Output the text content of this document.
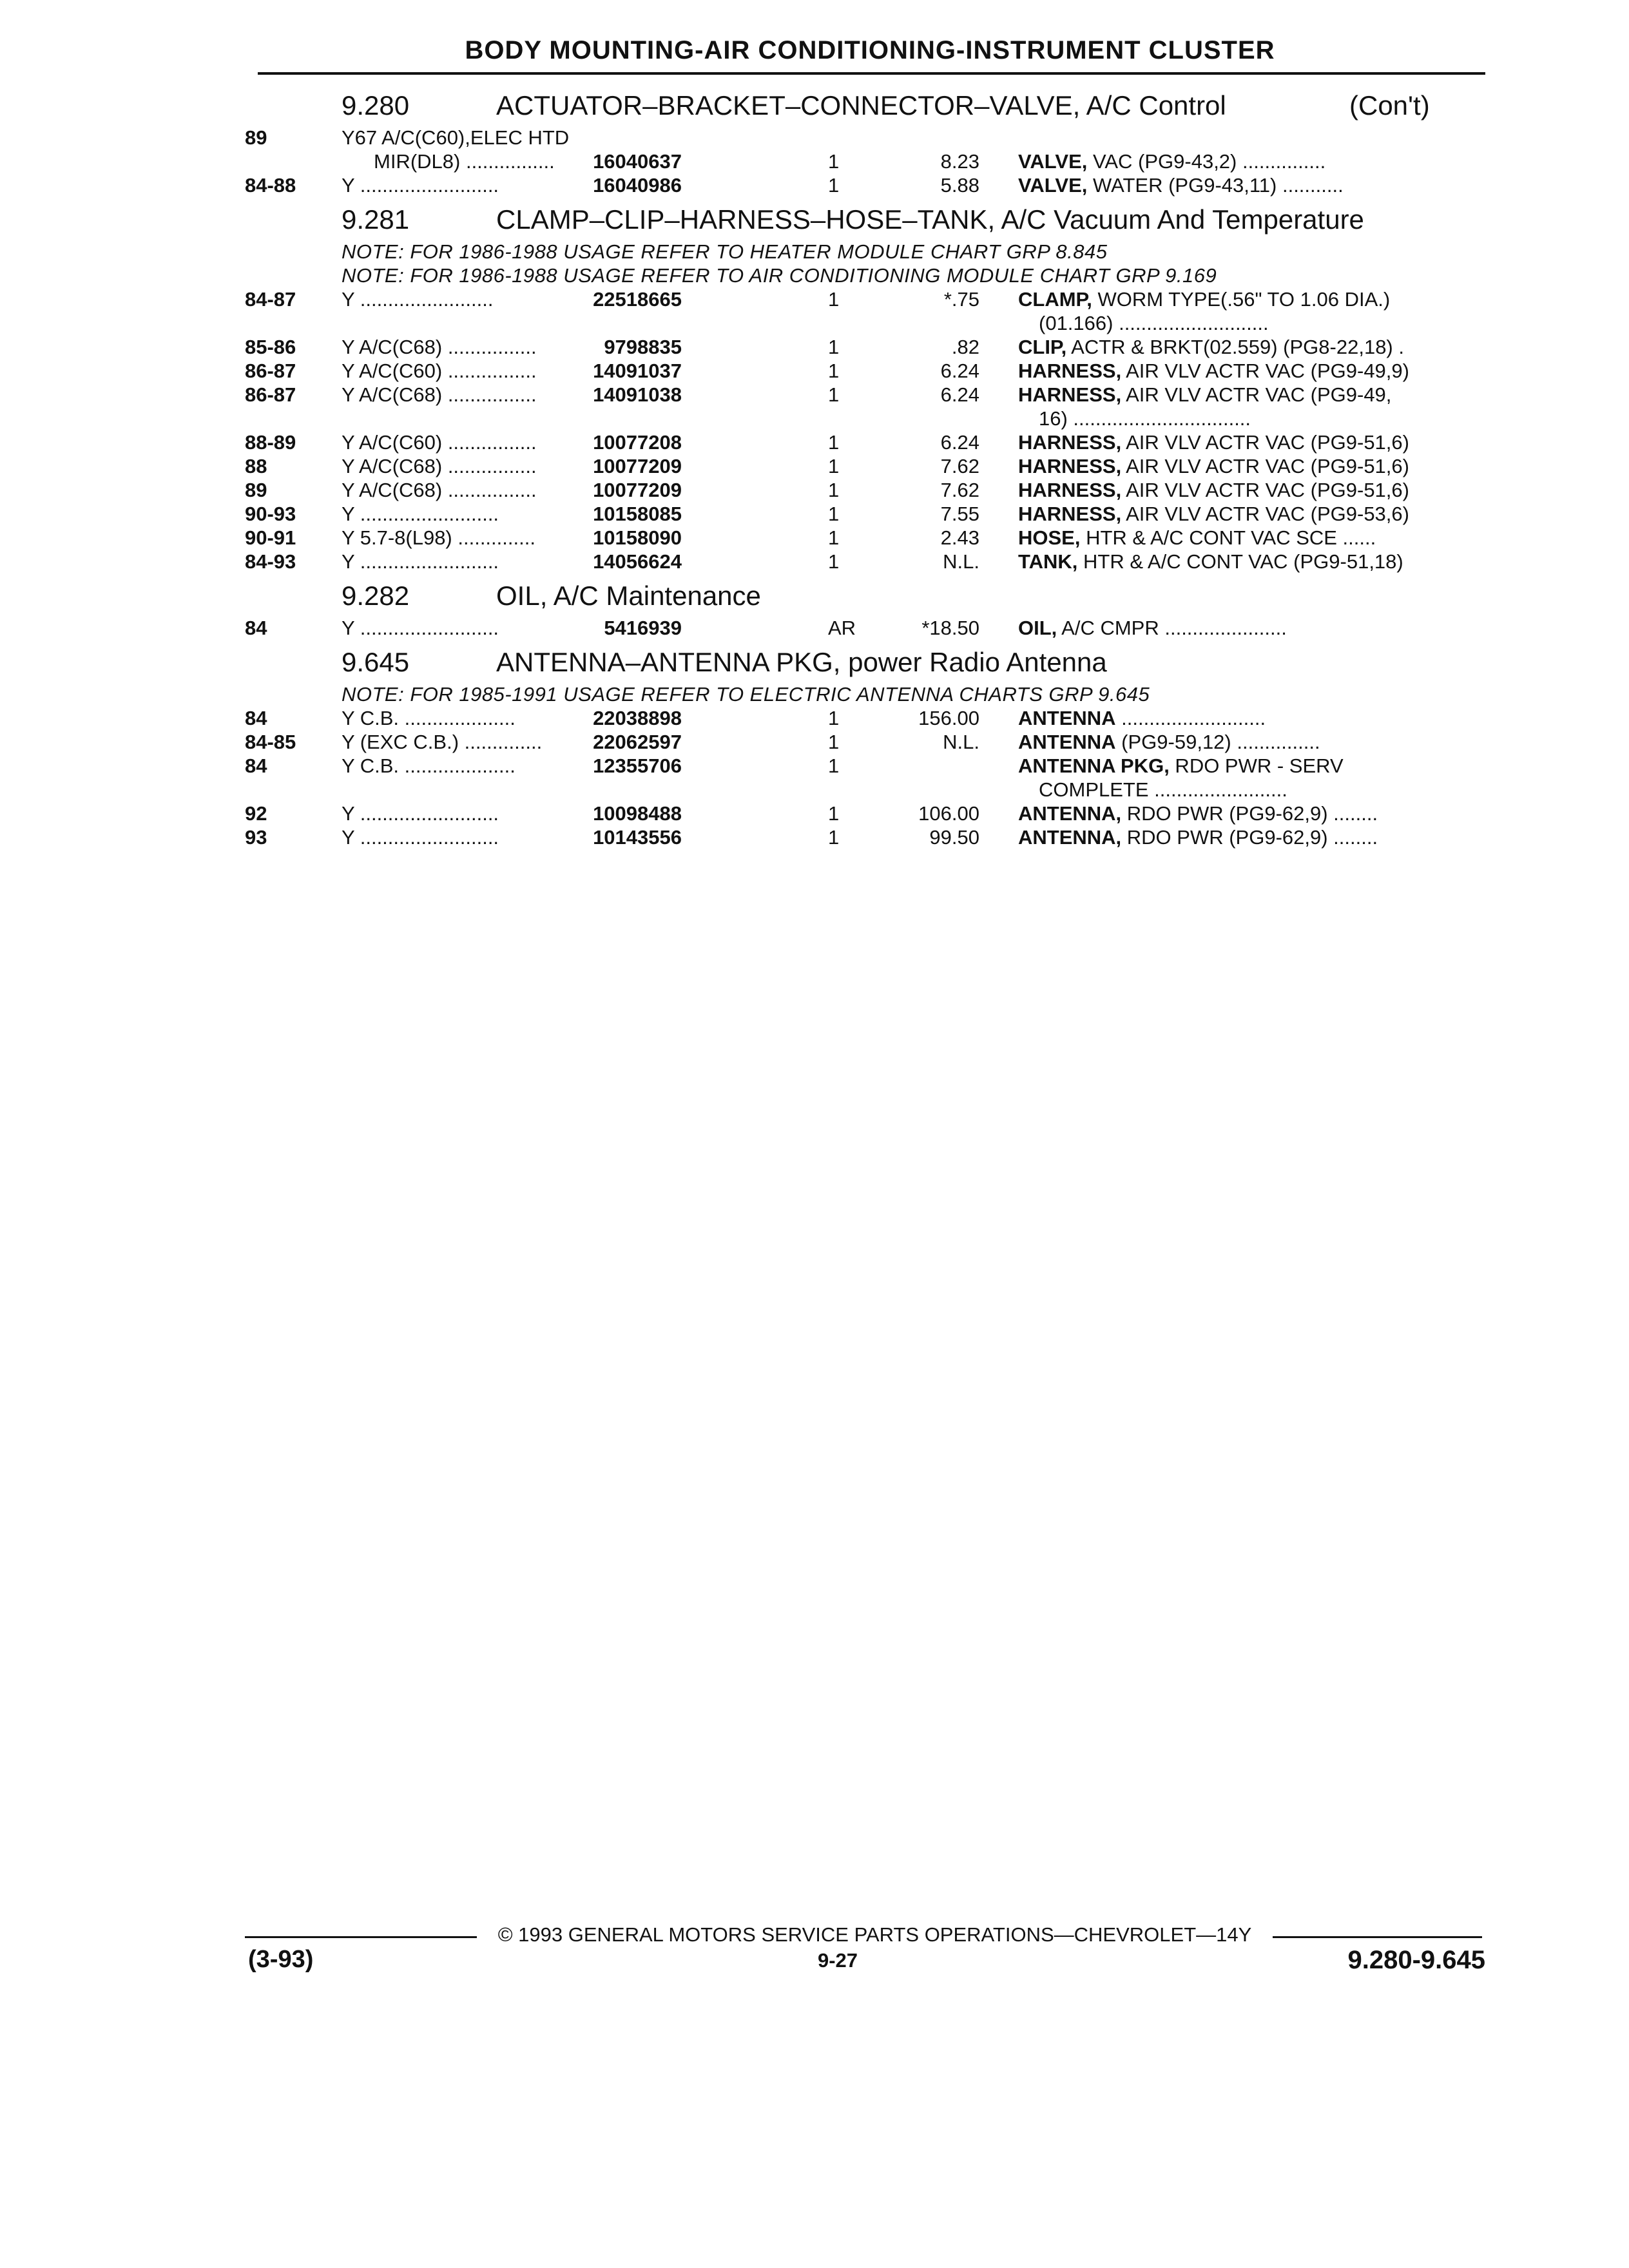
BODY MOUNTING-AIR CONDITIONING-INSTRUMENT CLUSTER
9.280	ACTUATOR–BRACKET–CONNECTOR–VALVE, A/C Control	(Con't)
89	Y67 A/C(C60),ELEC HTD
MIR(DL8) ................	16040637	1	8.23 VALVE, VAC (PG9-43,2) ...............
84-88 Y .........................	16040986	1	5.88 VALVE, WATER (PG9-43,11) ...........
9.281	CLAMP–CLIP–HARNESS–HOSE–TANK, A/C Vacuum And Temperature
NOTE: FOR 1986-1988 USAGE REFER TO HEATER MODULE CHART GRP 8.845
NOTE: FOR 1986-1988 USAGE REFER TO AIR CONDITIONING MODULE CHART GRP 9.169
84-87 Y ........................	22518665	1	*.75 CLAMP, WORM TYPE(.56" TO 1.06 DIA.)
(01.166) ...........................
85-86 Y A/C(C68) ................	9798835	1	.82 CLIP, ACTR & BRKT(02.559) (PG8-22,18) .
86-87 Y A/C(C60) ................	14091037	1	6.24 HARNESS, AIR VLV ACTR VAC (PG9-49,9)
86-87 Y A/C(C68) ................	14091038	1	6.24 HARNESS, AIR VLV ACTR VAC (PG9-49,
16) ................................
88-89 Y A/C(C60) ................	10077208	1	6.24 HARNESS, AIR VLV ACTR VAC (PG9-51,6)
88	Y A/C(C68) ................	10077209	1	7.62 HARNESS, AIR VLV ACTR VAC (PG9-51,6)
89	Y A/C(C68) ................	10077209	1	7.62 HARNESS, AIR VLV ACTR VAC (PG9-51,6)
90-93 Y .........................	10158085	1	7.55 HARNESS, AIR VLV ACTR VAC (PG9-53,6)
90-91 Y 5.7-8(L98) ..............	10158090	1	2.43 HOSE, HTR & A/C CONT VAC SCE ......
84-93 Y .........................	14056624	1	N.L. TANK, HTR & A/C CONT VAC (PG9-51,18)
9.282	OIL, A/C Maintenance
84	Y .........................	5416939	AR	*18.50 OIL, A/C CMPR ......................
9.645	ANTENNA–ANTENNA PKG, power Radio Antenna
NOTE: FOR 1985-1991 USAGE REFER TO ELECTRIC ANTENNA CHARTS GRP 9.645
84	Y C.B. ....................	22038898	1	156.00 ANTENNA ..........................
84-85 Y (EXC C.B.) ..............	22062597	1	N.L. ANTENNA (PG9-59,12) ...............
84	Y C.B. ....................	12355706	1	ANTENNA PKG, RDO PWR - SERV
COMPLETE ........................
92	Y .........................	10098488	1	106.00 ANTENNA, RDO PWR (PG9-62,9) ........
93	Y .........................	10143556	1	99.50 ANTENNA, RDO PWR (PG9-62,9) ........
© 1993 GENERAL MOTORS SERVICE PARTS OPERATIONS—CHEVROLET—14Y
(3-93)	9-27	9.280-9.645
